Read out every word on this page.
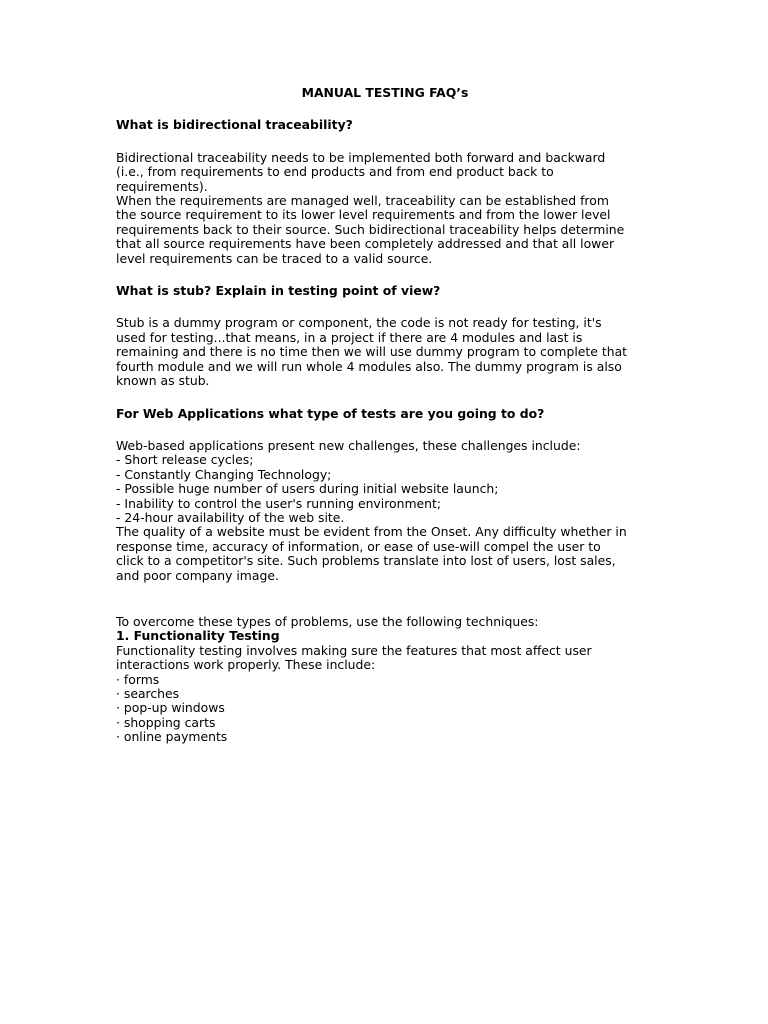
MANUAL TESTING FAQ’s
What is bidirectional traceability?
Bidirectional traceability needs to be implemented both forward and backward
(i.e., from requirements to end products and from end product back to
requirements).
When the requirements are managed well, traceability can be established from
the source requirement to its lower level requirements and from the lower level
requirements back to their source. Such bidirectional traceability helps determine
that all source requirements have been completely addressed and that all lower
level requirements can be traced to a valid source.
What is stub? Explain in testing point of view?
Stub is a dummy program or component, the code is not ready for testing, it's
used for testing...that means, in a project if there are 4 modules and last is
remaining and there is no time then we will use dummy program to complete that
fourth module and we will run whole 4 modules also. The dummy program is also
known as stub.
For Web Applications what type of tests are you going to do?
Web-based applications present new challenges, these challenges include:
- Short release cycles;
- Constantly Changing Technology;
- Possible huge number of users during initial website launch;
- Inability to control the user's running environment;
- 24-hour availability of the web site.
The quality of a website must be evident from the Onset. Any difficulty whether in
response time, accuracy of information, or ease of use-will compel the user to
click to a competitor's site. Such problems translate into lost of users, lost sales,
and poor company image.
To overcome these types of problems, use the following techniques:
1. Functionality Testing
Functionality testing involves making sure the features that most affect user
interactions work properly. These include:
· forms
· searches
· pop-up windows
· shopping carts
· online payments
